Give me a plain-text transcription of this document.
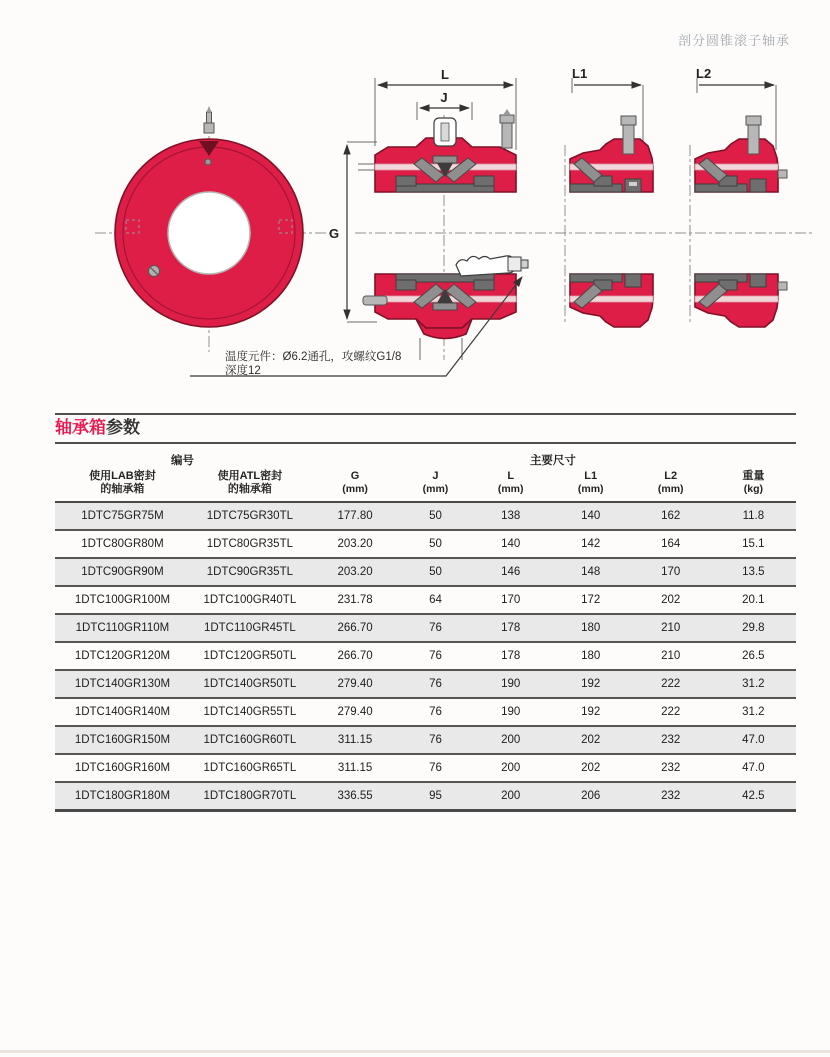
剖分圆锥滚子轴承
L
J
G
L1	L2
温度元件：Ø6.2通孔，攻螺纹G1/8
深度12
轴承箱参数
编号		主要尺寸					

使用LAB密封
的轴承箱

使用ATL密封
的轴承箱

G
(mm)

J
(mm)

L
(mm)

L1
(mm)

L2
(mm)

重量
(kg)

1DTC75GR75M	1DTC75GR30TL	177.80	50	138	140	162	11.8
1DTC80GR80M	1DTC80GR35TL	203.20	50	140	142	164	15.1
1DTC90GR90M	1DTC90GR35TL	203.20	50	146	148	170	13.5
1DTC100GR100M	1DTC100GR40TL	231.78	64	170	172	202	20.1
1DTC110GR110M	1DTC110GR45TL	266.70	76	178	180	210	29.8
1DTC120GR120M	1DTC120GR50TL	266.70	76	178	180	210	26.5
1DTC140GR130M	1DTC140GR50TL	279.40	76	190	192	222	31.2
1DTC140GR140M	1DTC140GR55TL	279.40	76	190	192	222	31.2
1DTC160GR150M	1DTC160GR60TL	311.15	76	200	202	232	47.0
1DTC160GR160M	1DTC160GR65TL	311.15	76	200	202	232	47.0
1DTC180GR180M	1DTC180GR70TL	336.55	95	200	206	232	42.5
